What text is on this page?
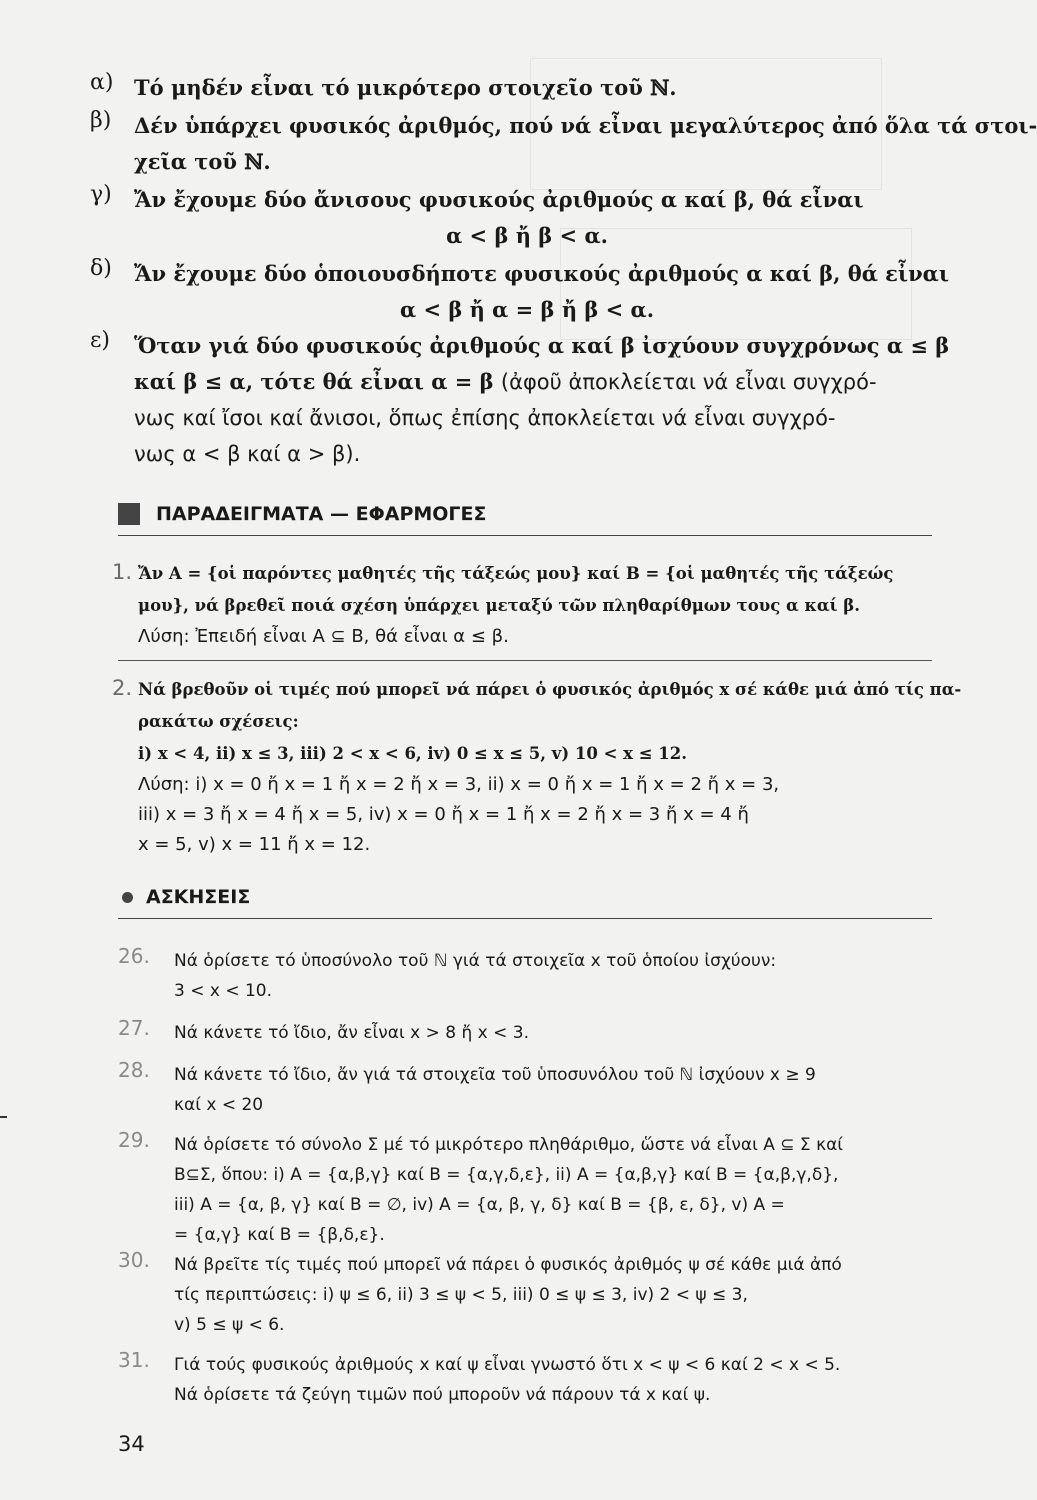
α) Τό μηδέν εἶναι τό μικρότερο στοιχεῖο τοῦ ℕ.
β) Δέν ὑπάρχει φυσικός ἀριθμός, πού νά εἶναι μεγαλύτερος ἀπό ὅλα τά στοι-
χεῖα τοῦ ℕ.
γ) Ἄν ἔχουμε δύο ἄνισους φυσικούς ἀριθμούς α καί β, θά εἶναι
α < β ἤ β < α.
δ) Ἄν ἔχουμε δύο ὁποιουσδήποτε φυσικούς ἀριθμούς α καί β, θά εἶναι
α < β ἤ α = β ἤ β < α.
ε) Ὅταν γιά δύο φυσικούς ἀριθμούς α καί β ἰσχύουν συγχρόνως α ≤ β
καί β ≤ α, τότε θά εἶναι α = β (ἀφοῦ ἀποκλείεται νά εἶναι συγχρό-
νως καί ἴσοι καί ἄνισοι, ὅπως ἐπίσης ἀποκλείεται νά εἶναι συγχρό-
νως α < β καί α > β).
ΠΑΡΑΔΕΙΓΜΑΤΑ — ΕΦΑΡΜΟΓΕΣ
1. Ἄν Α = {οἱ παρόντες μαθητές τῆς τάξεώς μου} καί Β = {οἱ μαθητές τῆς τάξεώς
μου}, νά βρεθεῖ ποιά σχέση ὑπάρχει μεταξύ τῶν πληθαρίθμων τους α καί β.
Λύση: Ἐπειδή εἶναι Α ⊆ Β, θά εἶναι α ≤ β.
2. Νά βρεθοῦν οἱ τιμές πού μπορεῖ νά πάρει ὁ φυσικός ἀριθμός x σέ κάθε μιά ἀπό τίς πα-
ρακάτω σχέσεις:
i) x < 4, ii) x ≤ 3, iii) 2 < x < 6, iv) 0 ≤ x ≤ 5, v) 10 < x ≤ 12.
Λύση: i) x = 0 ἤ x = 1 ἤ x = 2 ἤ x = 3, ii) x = 0 ἤ x = 1 ἤ x = 2 ἤ x = 3,
iii) x = 3 ἤ x = 4 ἤ x = 5, iv) x = 0 ἤ x = 1 ἤ x = 2 ἤ x = 3 ἤ x = 4 ἤ
x = 5, v) x = 11 ἤ x = 12.
ΑΣΚΗΣΕΙΣ
26. Νά ὁρίσετε τό ὑποσύνολο τοῦ ℕ γιά τά στοιχεῖα x τοῦ ὁποίου ἰσχύουν:
3 < x < 10.
27. Νά κάνετε τό ἴδιο, ἄν εἶναι x > 8 ἤ x < 3.
28. Νά κάνετε τό ἴδιο, ἄν γιά τά στοιχεῖα τοῦ ὑποσυνόλου τοῦ ℕ ἰσχύουν x ≥ 9
καί x < 20
29. Νά ὁρίσετε τό σύνολο Σ μέ τό μικρότερο πληθάριθμο, ὥστε νά εἶναι Α ⊆ Σ καί
Β⊆Σ, ὅπου: i) Α = {α,β,γ} καί Β = {α,γ,δ,ε}, ii) Α = {α,β,γ} καί Β = {α,β,γ,δ},
iii) Α = {α, β, γ} καί Β = ∅, iv) Α = {α, β, γ, δ} καί Β = {β, ε, δ}, v) Α =
= {α,γ} καί Β = {β,δ,ε}.
30. Νά βρεῖτε τίς τιμές πού μπορεῖ νά πάρει ὁ φυσικός ἀριθμός ψ σέ κάθε μιά ἀπό
τίς περιπτώσεις: i) ψ ≤ 6, ii) 3 ≤ ψ < 5, iii) 0 ≤ ψ ≤ 3, iv) 2 < ψ ≤ 3,
v) 5 ≤ ψ < 6.
31. Γιά τούς φυσικούς ἀριθμούς x καί ψ εἶναι γνωστό ὅτι x < ψ < 6 καί 2 < x < 5.
Νά ὁρίσετε τά ζεύγη τιμῶν πού μποροῦν νά πάρουν τά x καί ψ.
34
